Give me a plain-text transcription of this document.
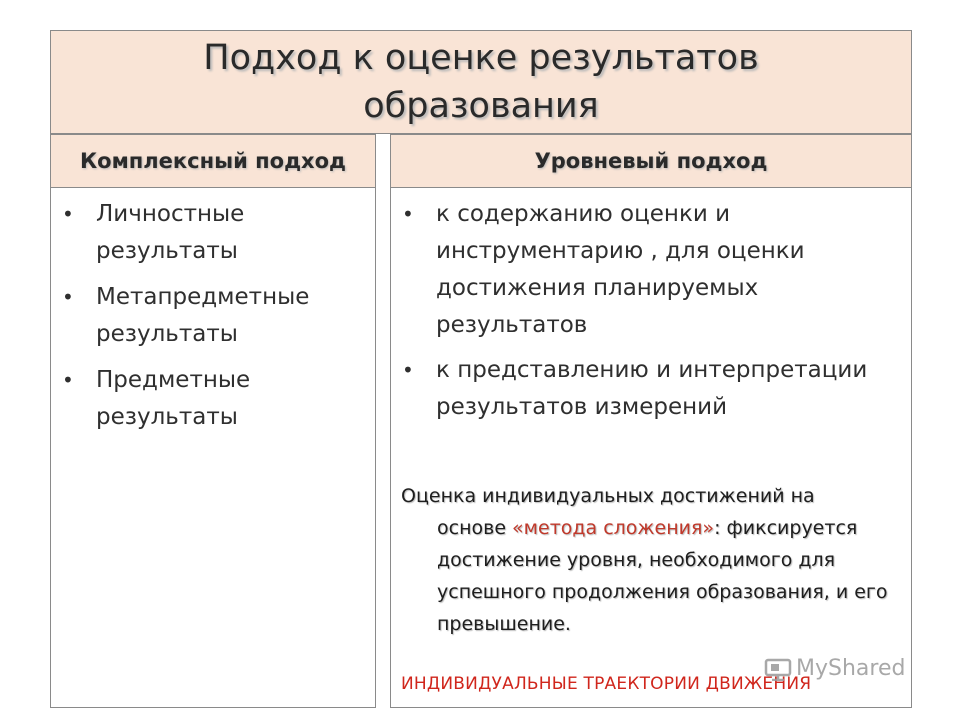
Подход к оценке результатов образования
Комплексный подход	Уровневый подход
• Личностные результаты
• Метапредметные результаты
• Предметные результаты
• к содержанию оценки и инструментарию , для оценки достижения планируемых результатов
• к представлению и интерпретации результатов измерений
Оценка индивидуальных достижений на
основе «метода сложения»: фиксируется достижение уровня, необходимого для успешного продолжения образования, и его превышение.
ИНДИВИДУАЛЬНЫЕ ТРАЕКТОРИИ ДВИЖЕНИЯ
MyShared
